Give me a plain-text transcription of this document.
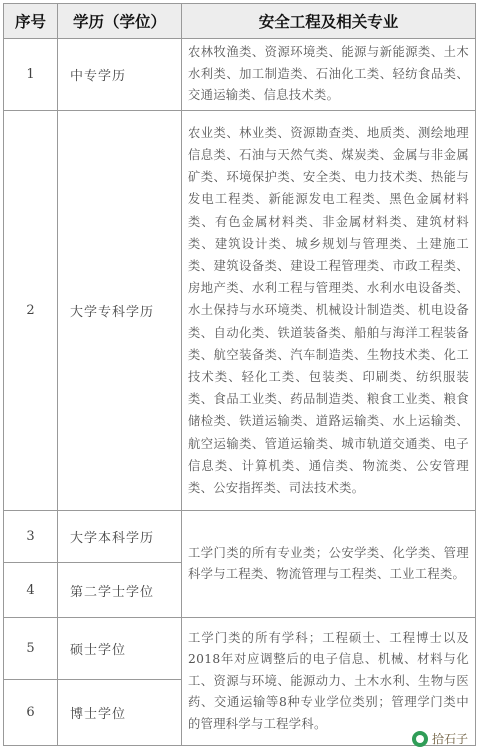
序号	学历（学位）	安全工程及相关专业
1	中专学历	农林牧渔类、资源环境类、能源与新能源类、土木水利类、加工制造类、石油化工类、轻纺食品类、交通运输类、信息技术类。
2	大学专科学历	农业类、林业类、资源勘查类、地质类、测绘地理信息类、石油与天然气类、煤炭类、金属与非金属矿类、环境保护类、安全类、电力技术类、热能与发电工程类、新能源发电工程类、黑色金属材料类、有色金属材料类、非金属材料类、建筑材料类、建筑设计类、城乡规划与管理类、土建施工类、建筑设备类、建设工程管理类、市政工程类、房地产类、水利工程与管理类、水利水电设备类、水土保持与水环境类、机械设计制造类、机电设备类、自动化类、铁道装备类、船舶与海洋工程装备类、航空装备类、汽车制造类、生物技术类、化工技术类、轻化工类、包装类、印刷类、纺织服装类、食品工业类、药品制造类、粮食工业类、粮食储检类、铁道运输类、道路运输类、水上运输类、航空运输类、管道运输类、城市轨道交通类、电子信息类、计算机类、通信类、物流类、公安管理类、公安指挥类、司法技术类。
3	大学本科学历	工学门类的所有专业类；公安学类、化学类、管理科学与工程类、物流管理与工程类、工业工程类。
4	第二学士学位	
5	硕士学位	工学门类的所有学科；工程硕士、工程博士以及2018年对应调整后的电子信息、机械、材料与化工、资源与环境、能源动力、土木水利、生物与医药、交通运输等8种专业学位类别；管理学门类中的管理科学与工程学科。
6	博士学位	
拾石子
